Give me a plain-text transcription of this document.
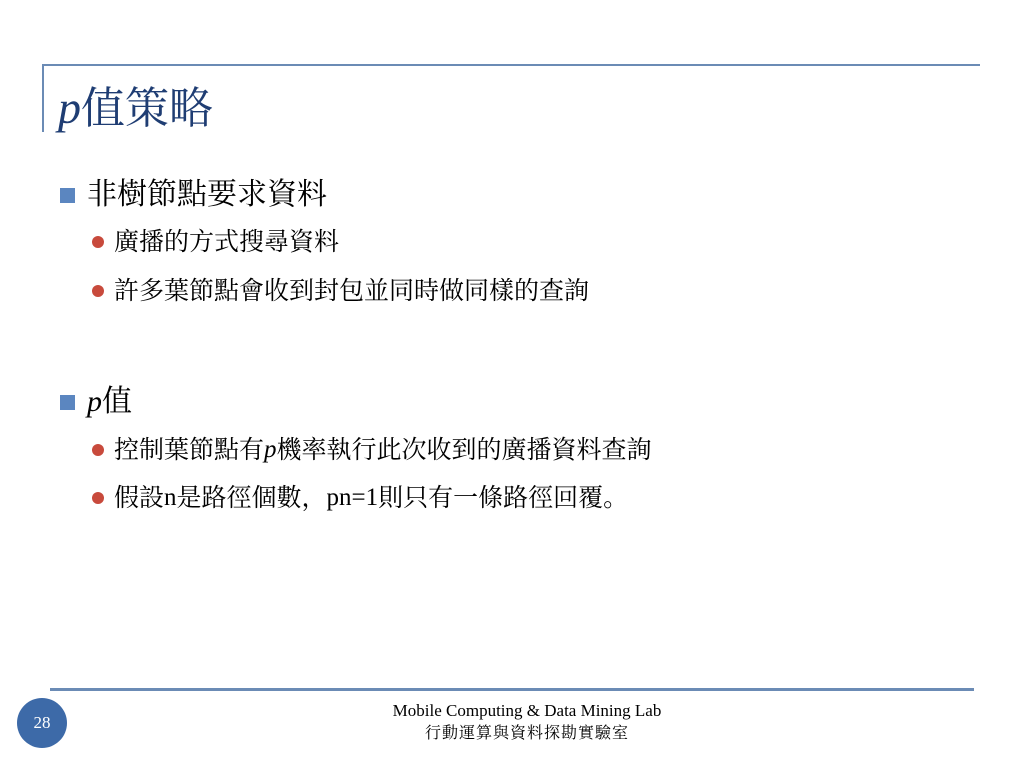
p值策略
非樹節點要求資料
廣播的方式搜尋資料
許多葉節點會收到封包並同時做同樣的查詢
p 值
控制葉節點有 p 機率執行此次收到的廣播資料查詢
假設 n 是路徑個數， pn=1 則只有一條路徑回覆。
28
Mobile Computing & Data Mining Lab
行動運算與資料探勘實驗室
